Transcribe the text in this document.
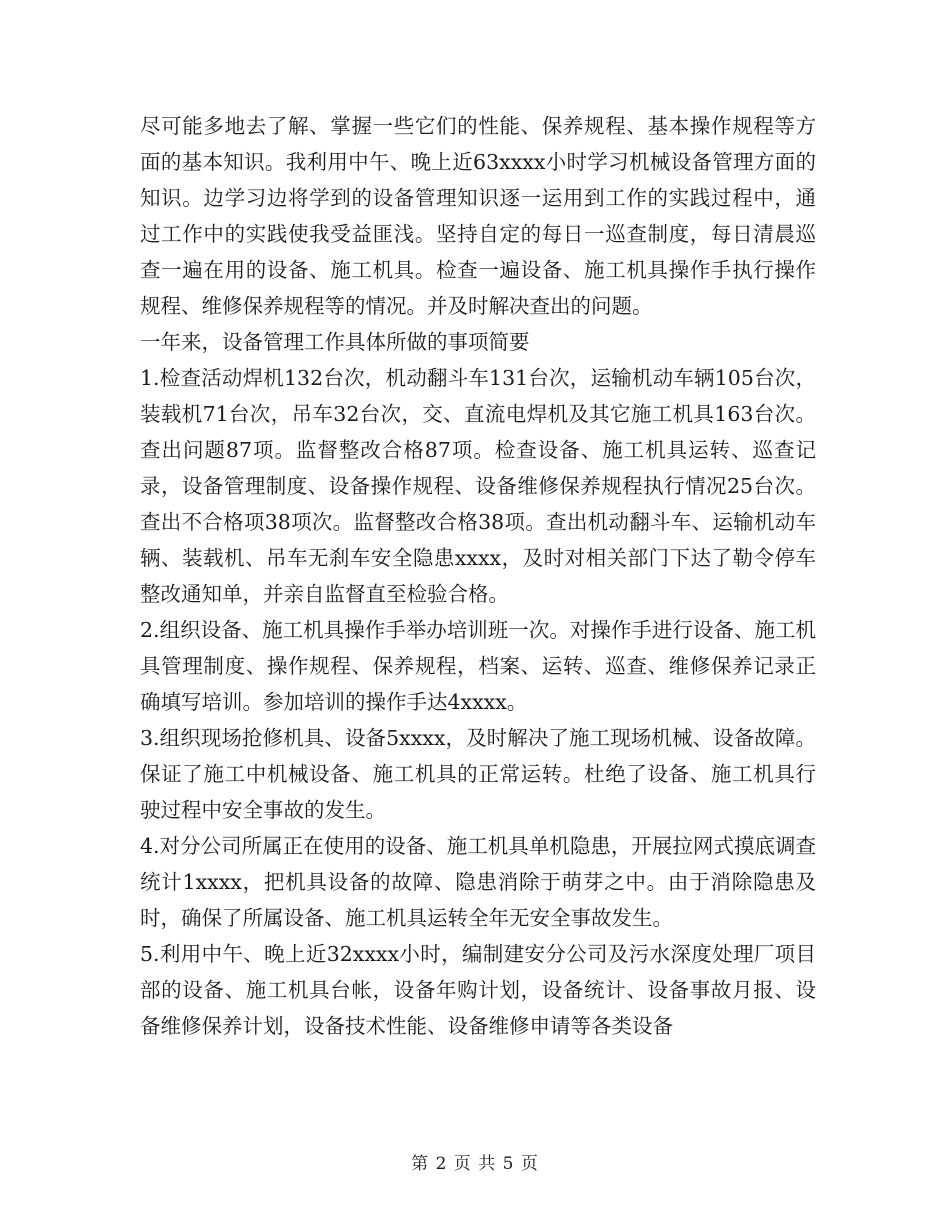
尽可能多地去了解、掌握一些它们的性能、保养规程、基本操作规程等方面的基本知识。我利用中午、晚上近63xxxx小时学习机械设备管理方面的知识。边学习边将学到的设备管理知识逐一运用到工作的实践过程中，通过工作中的实践使我受益匪浅。坚持自定的每日一巡查制度，每日清晨巡查一遍在用的设备、施工机具。检查一遍设备、施工机具操作手执行操作规程、维修保养规程等的情况。并及时解决查出的问题。

一年来，设备管理工作具体所做的事项简要

1.检查活动焊机132台次，机动翻斗车131台次，运输机动车辆105台次，装载机71台次，吊车32台次，交、直流电焊机及其它施工机具163台次。查出问题87项。监督整改合格87项。检查设备、施工机具运转、巡查记录，设备管理制度、设备操作规程、设备维修保养规程执行情况25台次。查出不合格项38项次。监督整改合格38项。查出机动翻斗车、运输机动车辆、装载机、吊车无刹车安全隐患xxxx，及时对相关部门下达了勒令停车整改通知单，并亲自监督直至检验合格。

2.组织设备、施工机具操作手举办培训班一次。对操作手进行设备、施工机具管理制度、操作规程、保养规程，档案、运转、巡查、维修保养记录正确填写培训。参加培训的操作手达4xxxx。

3.组织现场抢修机具、设备5xxxx，及时解决了施工现场机械、设备故障。保证了施工中机械设备、施工机具的正常运转。杜绝了设备、施工机具行驶过程中安全事故的发生。

4.对分公司所属正在使用的设备、施工机具单机隐患，开展拉网式摸底调查统计1xxxx，把机具设备的故障、隐患消除于萌芽之中。由于消除隐患及时，确保了所属设备、施工机具运转全年无安全事故发生。

5.利用中午、晚上近32xxxx小时，编制建安分公司及污水深度处理厂项目部的设备、施工机具台帐，设备年购计划，设备统计、设备事故月报、设备维修保养计划，设备技术性能、设备维修申请等各类设备

第 2 页 共 5 页
